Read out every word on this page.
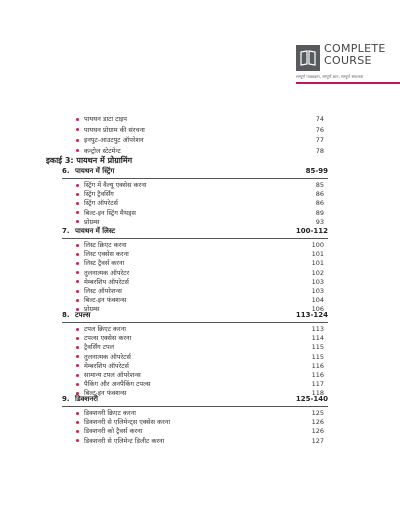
COMPLETE
COURSE
सम्पूर्ण पाठ्यक्रम, सम्पूर्ण ज्ञान, सम्पूर्ण सफलता
इकाई 3: पायथन में प्रोग्रामिंग
पायथन डाटा टाइप	74
पायथन प्रोग्राम की संरचना	76
इनपुट-आउटपुट ऑपरेशन	77
कन्ट्रोल स्टेटमेन्ट	78
6. पायथन में स्ट्रिंग	85-99
स्ट्रिंग में वैल्यू एक्सेस करना	85
स्ट्रिंग ट्रैवर्सिंग	86
स्ट्रिंग ऑपरेटर्स	86
बिल्ट-इन स्ट्रिंग मैथड्स	89
प्रोग्रम्स	93
7. पायथन में लिस्ट	100-112
लिस्ट क्रिएट करना	100
लिस्ट एक्सेस करना	101
लिस्ट ट्रैवर्स करना	101
तुलनात्मक ऑपरेटर	102
मेम्बरशिप ऑपरेटर्स	103
लिस्ट ऑपरेशन्स	103
बिल्ट-इन फंक्शन्स	104
प्रोग्रम्स	106
8. टपल्स	113-124
टपल क्रिएट करना	113
टपल्स एक्सेस करना	114
ट्रैवर्सिंग टपल	115
तुलनात्मक ऑपरेटर्स	115
मेम्बरशिप ऑपरेटर्स	116
सामान्य टपल ऑपरेशन्स	116
पैकिंग और अनपैकिंग टपल्स	117
बिल्ट-इन फंक्शन्स	118
9. डिक्शनरी	125-140
डिक्शनरी क्रिएट करना	125
डिक्शनरी से एलिमेन्ट्स एक्सेस करना	126
डिक्शनरी को ट्रैवर्स करना	126
डिक्शनरी से एलिमेन्ट डिलीट करना	127
